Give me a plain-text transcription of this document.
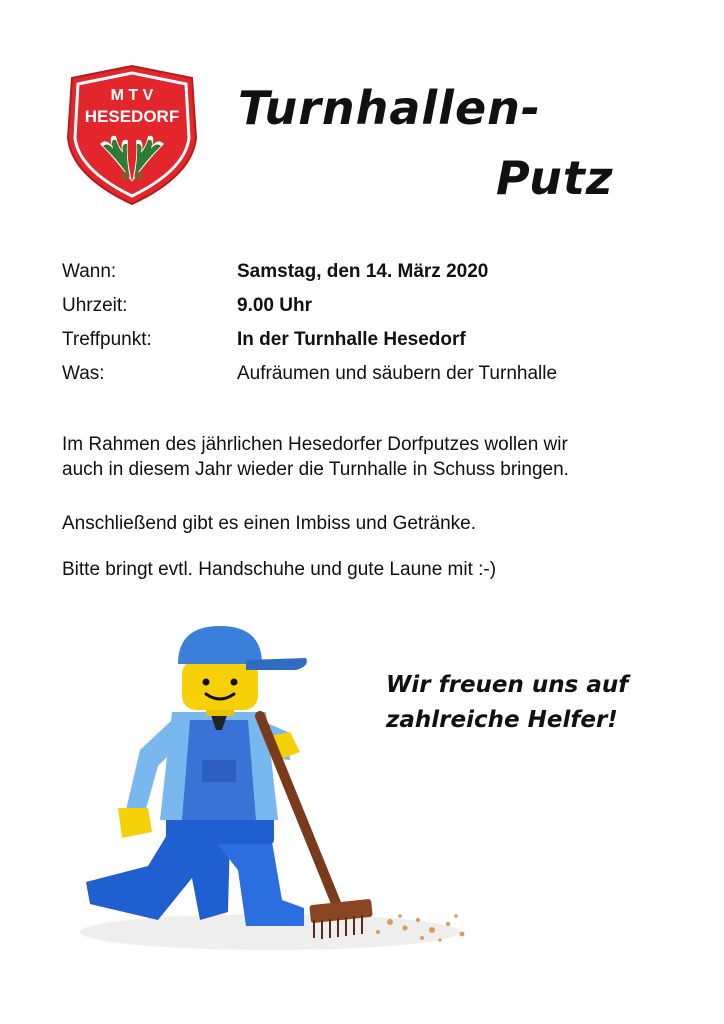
M T V
HESEDORF Turnhallen-
Putz
Wann:	Samstag, den 14. März 2020
Uhrzeit:	9.00 Uhr
Treffpunkt:	In der Turnhalle Hesedorf
Was:	Aufräumen und säubern der Turnhalle
Im Rahmen des jährlichen Hesedorfer Dorfputzes wollen wir
auch in diesem Jahr wieder die Turnhalle in Schuss bringen.
Anschließend gibt es einen Imbiss und Getränke.
Bitte bringt evtl. Handschuhe und gute Laune mit :-)
Wir freuen uns auf
zahlreiche Helfer!
